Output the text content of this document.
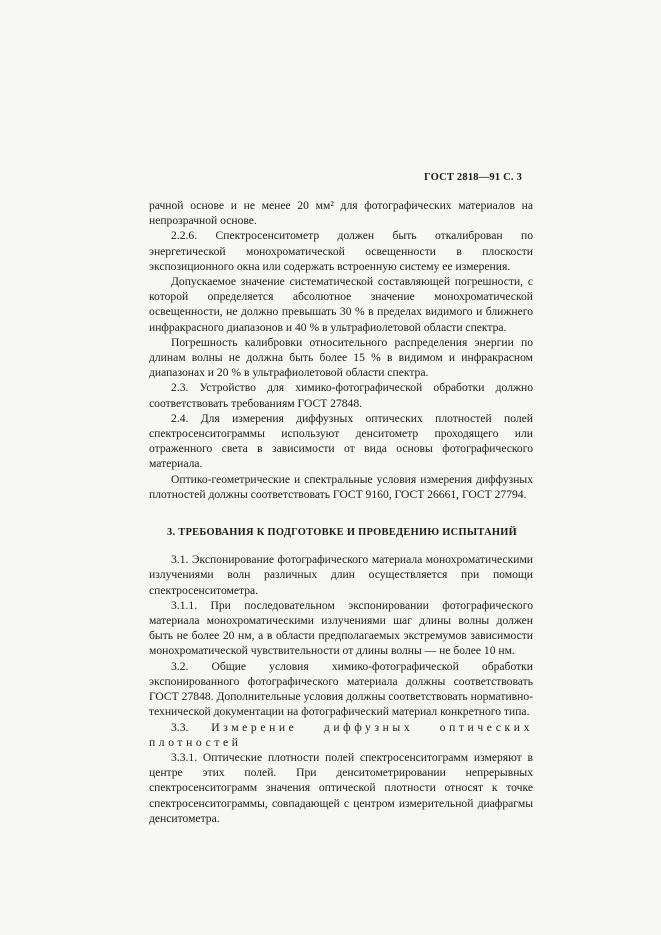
ГОСТ 2818—91 С. 3

рачной основе и не менее 20 мм² для фотографических материалов на непрозрачной основе.

2.2.6. Спектросенситометр должен быть откалиброван по энергетической монохроматической освещенности в плоскости экспозиционного окна или содержать встроенную систему ее измерения.

Допускаемое значение систематической составляющей погрешности, с которой определяется абсолютное значение монохроматической освещенности, не должно превышать 30 % в пределах видимого и ближнего инфракрасного диапазонов и 40 % в ультрафиолетовой области спектра.

Погрешность калибровки относительного распределения энергии по длинам волны не должна быть более 15 % в видимом и инфракрасном диапазонах и 20 % в ультрафиолетовой области спектра.

2.3. Устройство для химико-фотографической обработки должно соответствовать требованиям ГОСТ 27848.

2.4. Для измерения диффузных оптических плотностей полей спектросенситограммы используют денситометр проходящего или отраженного света в зависимости от вида основы фотографического материала.

Оптико-геометрические и спектральные условия измерения диффузных плотностей должны соответствовать ГОСТ 9160, ГОСТ 26661, ГОСТ 27794.

3. ТРЕБОВАНИЯ К ПОДГОТОВКЕ И ПРОВЕДЕНИЮ ИСПЫТАНИЙ

3.1. Экспонирование фотографического материала монохроматическими излучениями волн различных длин осуществляется при помощи спектросенситометра.

3.1.1. При последовательном экспонировании фотографического материала монохроматическими излучениями шаг длины волны должен быть не более 20 нм, а в области предполагаемых экстремумов зависимости монохроматической чувствительности от длины волны — не более 10 нм.

3.2. Общие условия химико-фотографической обработки экспонированного фотографического материала должны соответствовать ГОСТ 27848. Дополнительные условия должны соответствовать нормативно-технической документации на фотографический материал конкретного типа.

3.3. Измерение диффузных оптических плотностей

3.3.1. Оптические плотности полей спектросенситограмм измеряют в центре этих полей. При денситометрировании непрерывных спектросенситограмм значения оптической плотности относят к точке спектросенситограммы, совпадающей с центром измерительной диафрагмы денситометра.
